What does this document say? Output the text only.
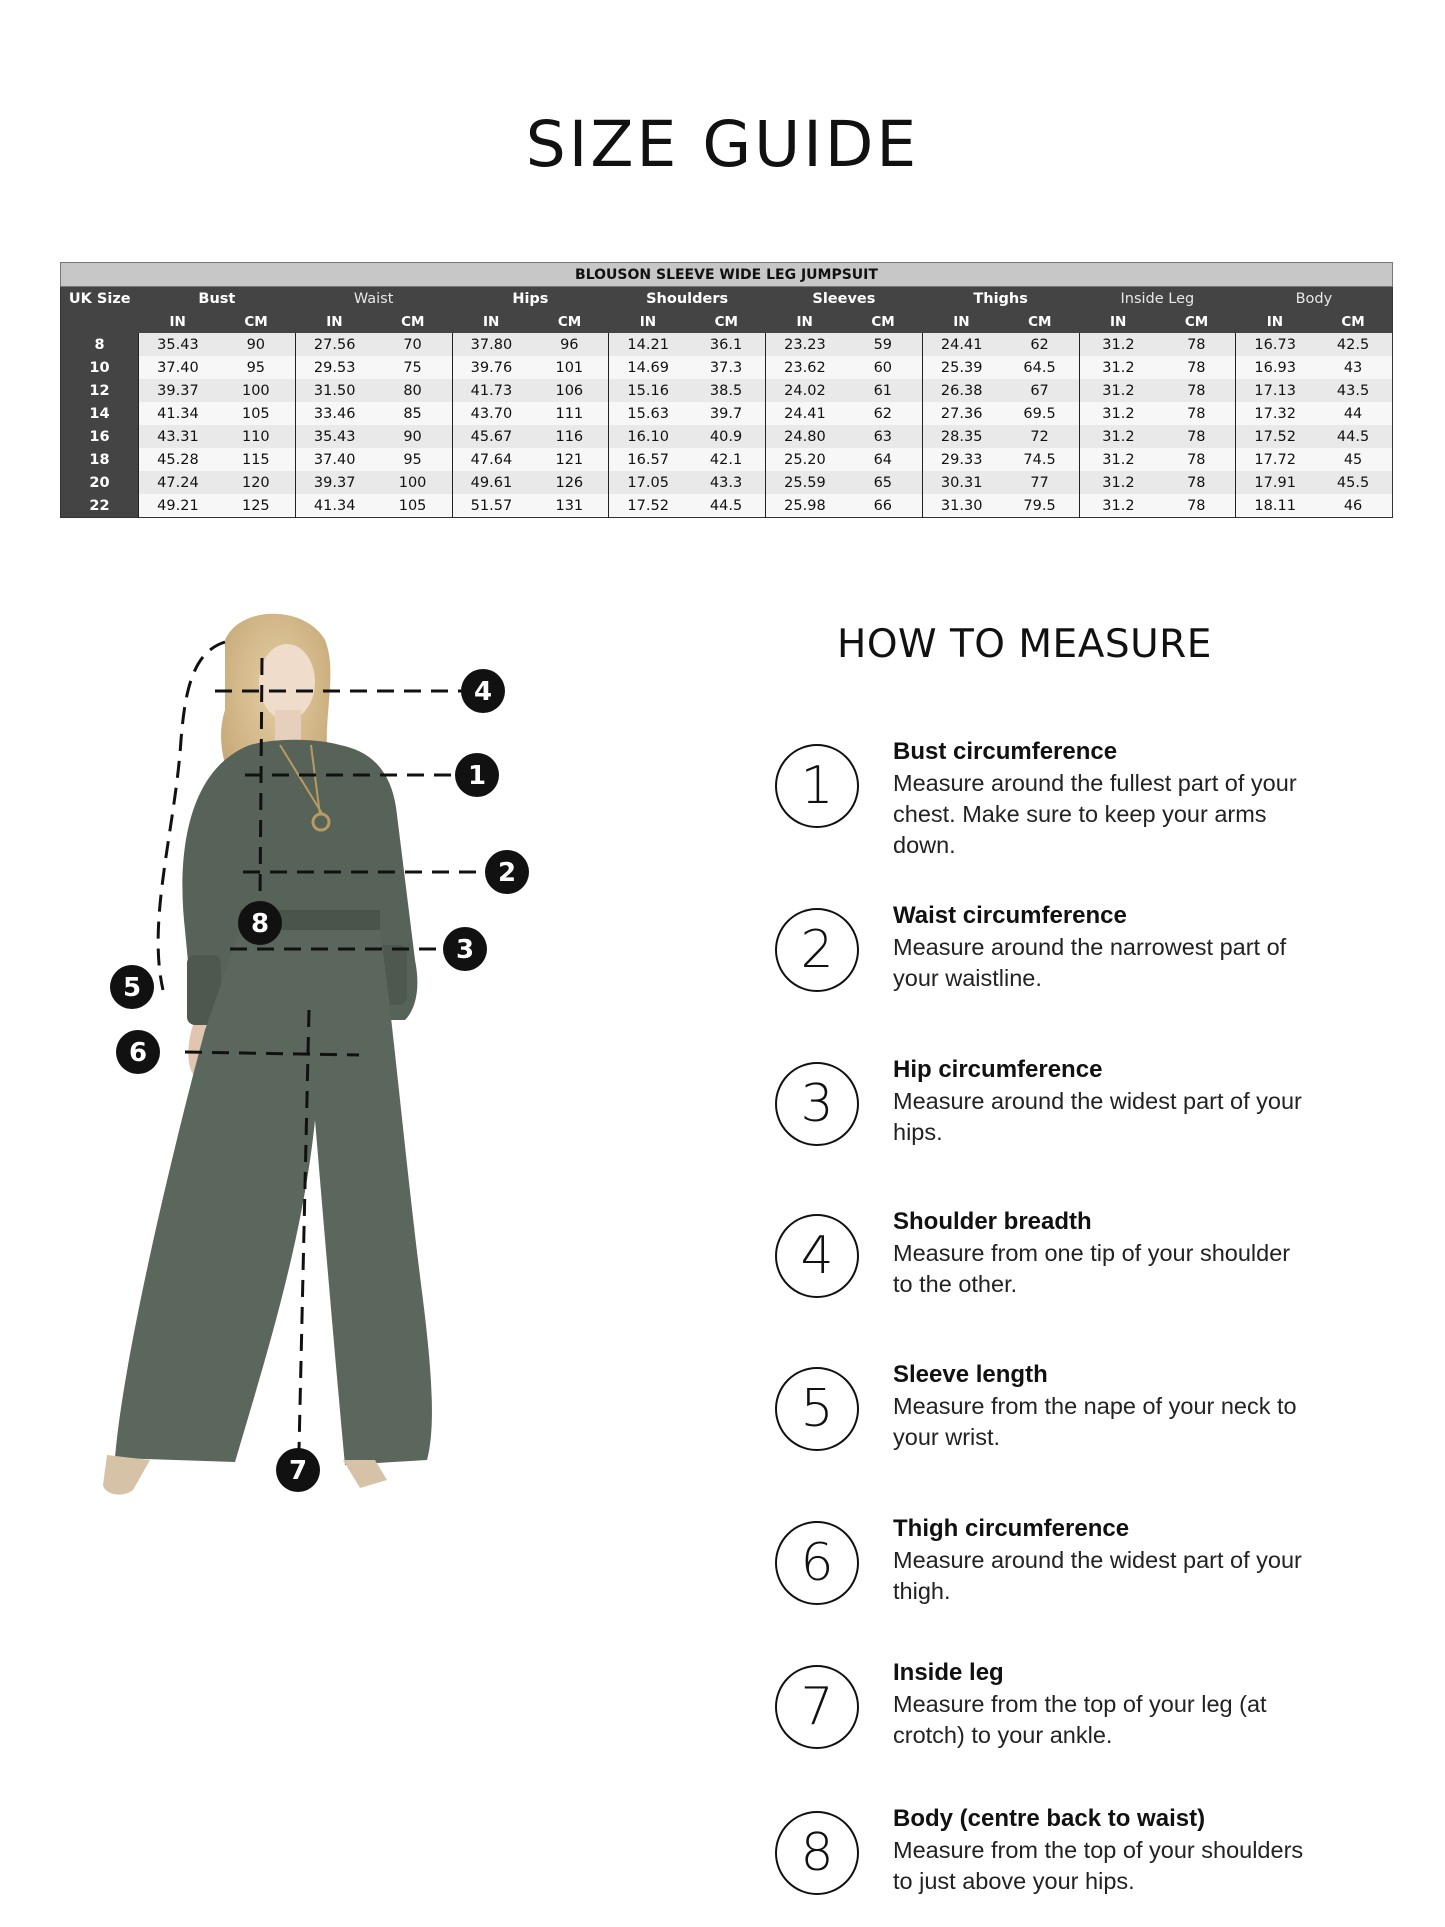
SIZE GUIDE
BLOUSON SLEEVE WIDE LEG JUMPSUIT																
UK Size	Bust		Waist		Hips		Shoulders		Sleeves		Thighs		Inside Leg		Body	
	IN	CM	IN	CM	IN	CM	IN	CM	IN	CM	IN	CM	IN	CM	IN	CM
8	35.43	90	27.56	70	37.80	96	14.21	36.1	23.23	59	24.41	62	31.2	78	16.73	42.5
10	37.40	95	29.53	75	39.76	101	14.69	37.3	23.62	60	25.39	64.5	31.2	78	16.93	43
12	39.37	100	31.50	80	41.73	106	15.16	38.5	24.02	61	26.38	67	31.2	78	17.13	43.5
14	41.34	105	33.46	85	43.70	111	15.63	39.7	24.41	62	27.36	69.5	31.2	78	17.32	44
16	43.31	110	35.43	90	45.67	116	16.10	40.9	24.80	63	28.35	72	31.2	78	17.52	44.5
18	45.28	115	37.40	95	47.64	121	16.57	42.1	25.20	64	29.33	74.5	31.2	78	17.72	45
20	47.24	120	39.37	100	49.61	126	17.05	43.3	25.59	65	30.31	77	31.2	78	17.91	45.5
22	49.21	125	41.34	105	51.57	131	17.52	44.5	25.98	66	31.30	79.5	31.2	78	18.11	46
1
2
3
4
5
6
7
8
HOW TO MEASURE
1
Bust circumference
Measure around the fullest part of your chest. Make sure to keep your arms down.
2
Waist circumference
Measure around the narrowest part of your waistline.
3
Hip circumference
Measure around the widest part of your hips.
4
Shoulder breadth
Measure from one tip of your shoulder to the other.
5
Sleeve length
Measure from the nape of your neck to your wrist.
6
Thigh circumference
Measure around the widest part of your thigh.
7
Inside leg
Measure from the top of your leg (at crotch) to your ankle.
8
Body (centre back to waist)
Measure from the top of your shoulders to just above your hips.
